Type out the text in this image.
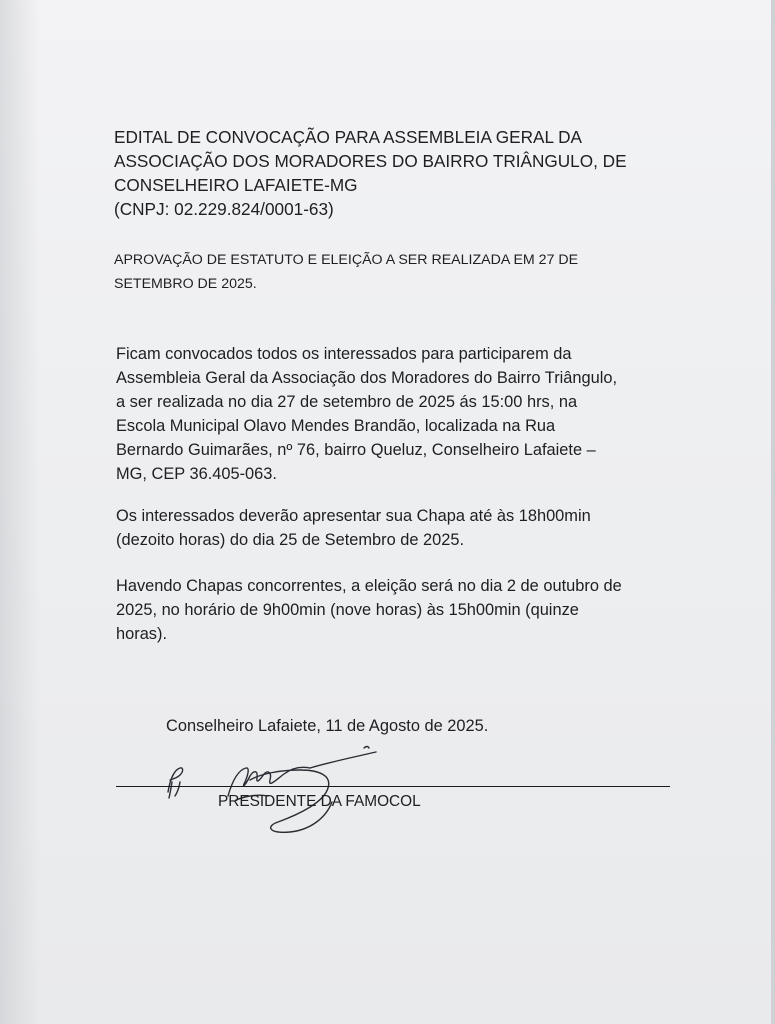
EDITAL DE CONVOCAÇÃO PARA ASSEMBLEIA GERAL DA
ASSOCIAÇÃO DOS MORADORES DO BAIRRO TRIÂNGULO, DE
CONSELHEIRO LAFAIETE-MG
(CNPJ: 02.229.824/0001-63)
APROVAÇÃO DE ESTATUTO E ELEIÇÃO A SER REALIZADA EM 27 DE
SETEMBRO DE 2025.
Ficam convocados todos os interessados para participarem da
Assembleia Geral da Associação dos Moradores do Bairro Triângulo,
a ser realizada no dia 27 de setembro de 2025 ás 15:00 hrs, na
Escola Municipal Olavo Mendes Brandão, localizada na Rua
Bernardo Guimarães, nº 76, bairro Queluz, Conselheiro Lafaiete –
MG, CEP 36.405-063.
Os interessados deverão apresentar sua Chapa até às 18h00min
(dezoito horas) do dia 25 de Setembro de 2025.
Havendo Chapas concorrentes, a eleição será no dia 2 de outubro de
2025, no horário de 9h00min (nove horas) às 15h00min (quinze
horas).

Conselheiro Lafaiete, 11 de Agosto de 2025.

PRESIDENTE DA FAMOCOL
